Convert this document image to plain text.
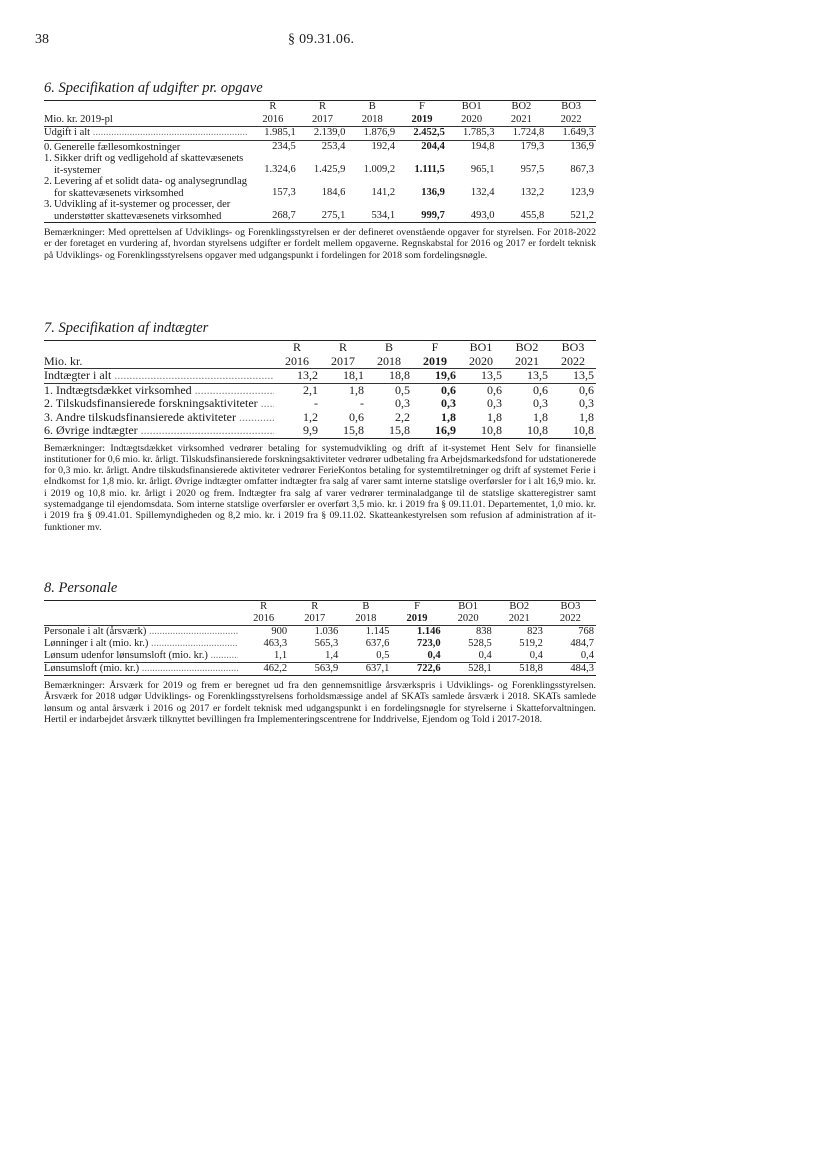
38	§ 09.31.06.
6. Specifikation af udgifter pr. opgave
	R	R	B	F	BO1	BO2	BO3
Mio. kr. 2019-pl	2016	2017	2018	2019	2020	2021	2022
Udgift i alt .....	1.985,1	2.139,0	1.876,9	2.452,5	1.785,3	1.724,8	1.649,3

0. Generelle fællesomkostninger	234,5	253,4	192,4	204,4	194,8	179,3	136,9

1. Sikker drift og vedligehold af skattevæsenets it-systemer	1.324,6	1.425,9	1.009,2	1.111,5	965,1	957,5	867,3

2. Levering af et solidt data- og analysegrundlag for skattevæsenets virksomhed	157,3	184,6	141,2	136,9	132,4	132,2	123,9

3. Udvikling af it-systemer og processer, der understøtter skattevæsenets virksomhed	268,7	275,1	534,1	999,7	493,0	455,8	521,2
Bemærkninger: Med oprettelsen af Udviklings- og Forenklingsstyrelsen er der defineret ovenstående opgaver for styrelsen. For 2018-2022 er der foretaget en vurdering af, hvordan styrelsens udgifter er fordelt mellem opgaverne. Regnskabstal for 2016 og 2017 er fordelt teknisk på Udviklings- og Forenklingsstyrelsens opgaver med udgangspunkt i fordelingen for 2018 som fordelingsnøgle.
7. Specifikation af indtægter
	R	R	B	F	BO1	BO2	BO3
Mio. kr.	2016	2017	2018	2019	2020	2021	2022
Indtægter i alt .....	13,2	18,1	18,8	19,6	13,5	13,5	13,5
1. Indtægtsdækket virksomhed .....	2,1	1,8	0,5	0,6	0,6	0,6	0,6
2. Tilskudsfinansierede forskningsaktiviteter .....	-	-	0,3	0,3	0,3	0,3	0,3
3. Andre tilskudsfinansierede aktiviteter .....	1,2	0,6	2,2	1,8	1,8	1,8	1,8
6. Øvrige indtægter .....	9,9	15,8	15,8	16,9	10,8	10,8	10,8
Bemærkninger: Indtægtsdækket virksomhed vedrører betaling for systemudvikling og drift af it-systemet Hent Selv for finansielle institutioner for 0,6 mio. kr. årligt. Tilskudsfinansierede forskningsaktiviteter vedrører udbetaling fra Arbejdsmarkedsfond for udstationerede for 0,3 mio. kr. årligt. Andre tilskudsfinansierede aktiviteter vedrører FerieKontos betaling for systemtilretninger og drift af systemet Ferie i eIndkomst for 1,8 mio. kr. årligt. Øvrige indtægter omfatter indtægter fra salg af varer samt interne statslige overførsler for i alt 16,9 mio. kr. i 2019 og 10,8 mio. kr. årligt i 2020 og frem. Indtægter fra salg af varer vedrører terminaladgange til de statslige skatteregistrer samt systemadgange til ejendomsdata. Som interne statslige overførsler er overført 3,5 mio. kr. i 2019 fra § 09.11.01. Departementet, 1,0 mio. kr. i 2019 fra § 09.41.01. Spillemyndigheden og 8,2 mio. kr. i 2019 fra § 09.11.02. Skatteankestyrelsen som refusion af administration af it-funktioner mv.
8. Personale
	R	R	B	F	BO1	BO2	BO3
	2016	2017	2018	2019	2020	2021	2022
Personale i alt (årsværk) .....	900	1.036	1.145	1.146	838	823	768
Lønninger i alt (mio. kr.) .....	463,3	565,3	637,6	723,0	528,5	519,2	484,7
Lønsum udenfor lønsumsloft (mio. kr.) .....	1,1	1,4	0,5	0,4	0,4	0,4	0,4
Lønsumsloft (mio. kr.) .....	462,2	563,9	637,1	722,6	528,1	518,8	484,3
Bemærkninger: Årsværk for 2019 og frem er beregnet ud fra den gennemsnitlige årsværkspris i Udviklings- og Forenklingsstyrelsen. Årsværk for 2018 udgør Udviklings- og Forenklingsstyrelsens forholdsmæssige andel af SKATs samlede årsværk i 2018. SKATs samlede lønsum og antal årsværk i 2016 og 2017 er fordelt teknisk med udgangspunkt i en fordelingsnøgle for styrelserne i Skatteforvaltningen. Hertil er indarbejdet årsværk tilknyttet bevillingen fra Implementeringscentrene for Inddrivelse, Ejendom og Told i 2017-2018.
